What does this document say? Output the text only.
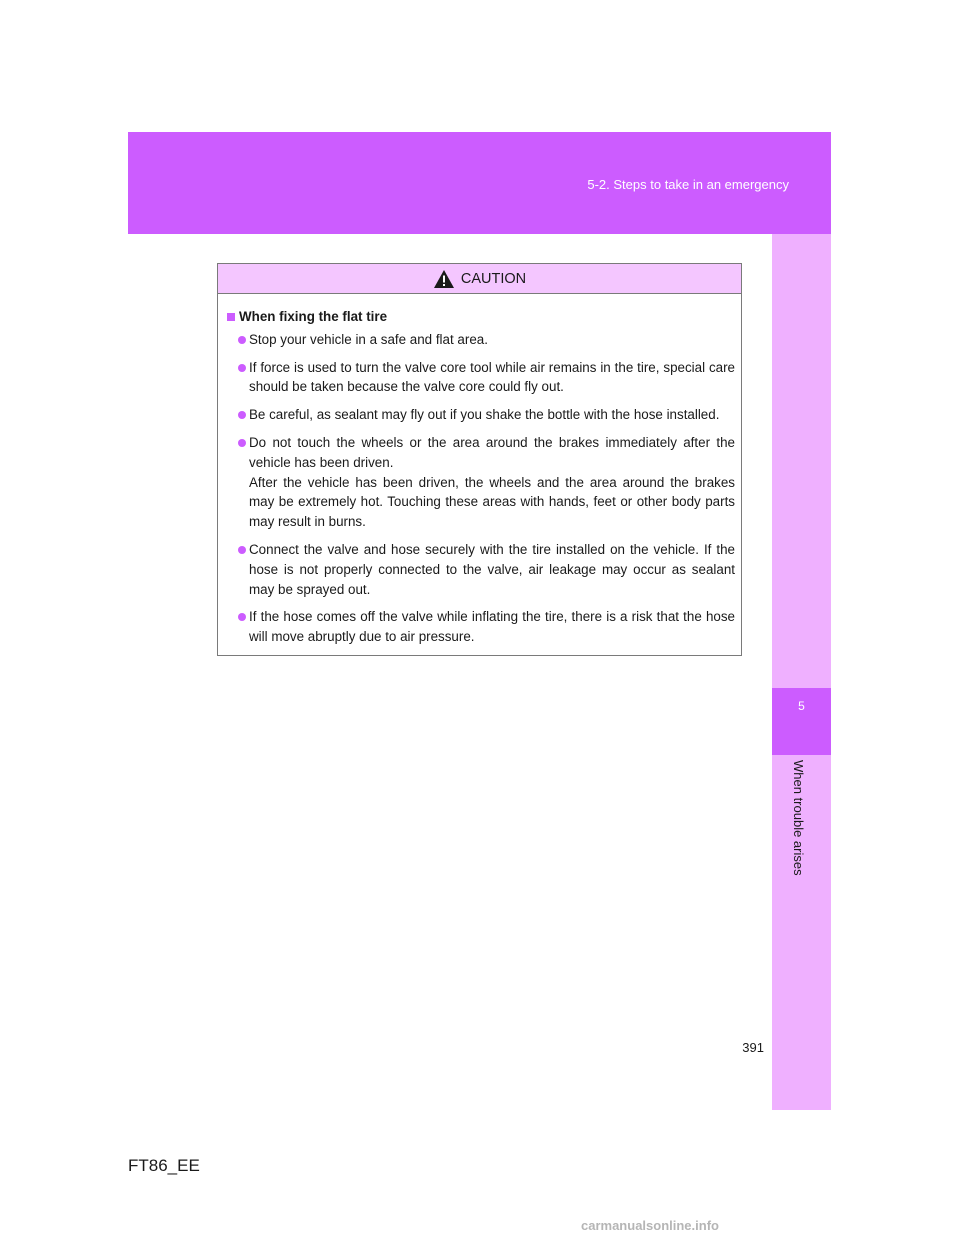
5-2. Steps to take in an emergency
5
When trouble arises
CAUTION
When fixing the flat tire
Stop your vehicle in a safe and flat area.
If force is used to turn the valve core tool while air remains in the tire, special care should be taken because the valve core could fly out.
Be careful, as sealant may fly out if you shake the bottle with the hose installed.
Do not touch the wheels or the area around the brakes immediately after the vehicle has been driven.
After the vehicle has been driven, the wheels and the area around the brakes may be extremely hot. Touching these areas with hands, feet or other body parts may result in burns.
Connect the valve and hose securely with the tire installed on the vehicle. If the hose is not properly connected to the valve, air leakage may occur as sealant may be sprayed out.
If the hose comes off the valve while inflating the tire, there is a risk that the hose will move abruptly due to air pressure.
391
FT86_EE
carmanualsonline.info
